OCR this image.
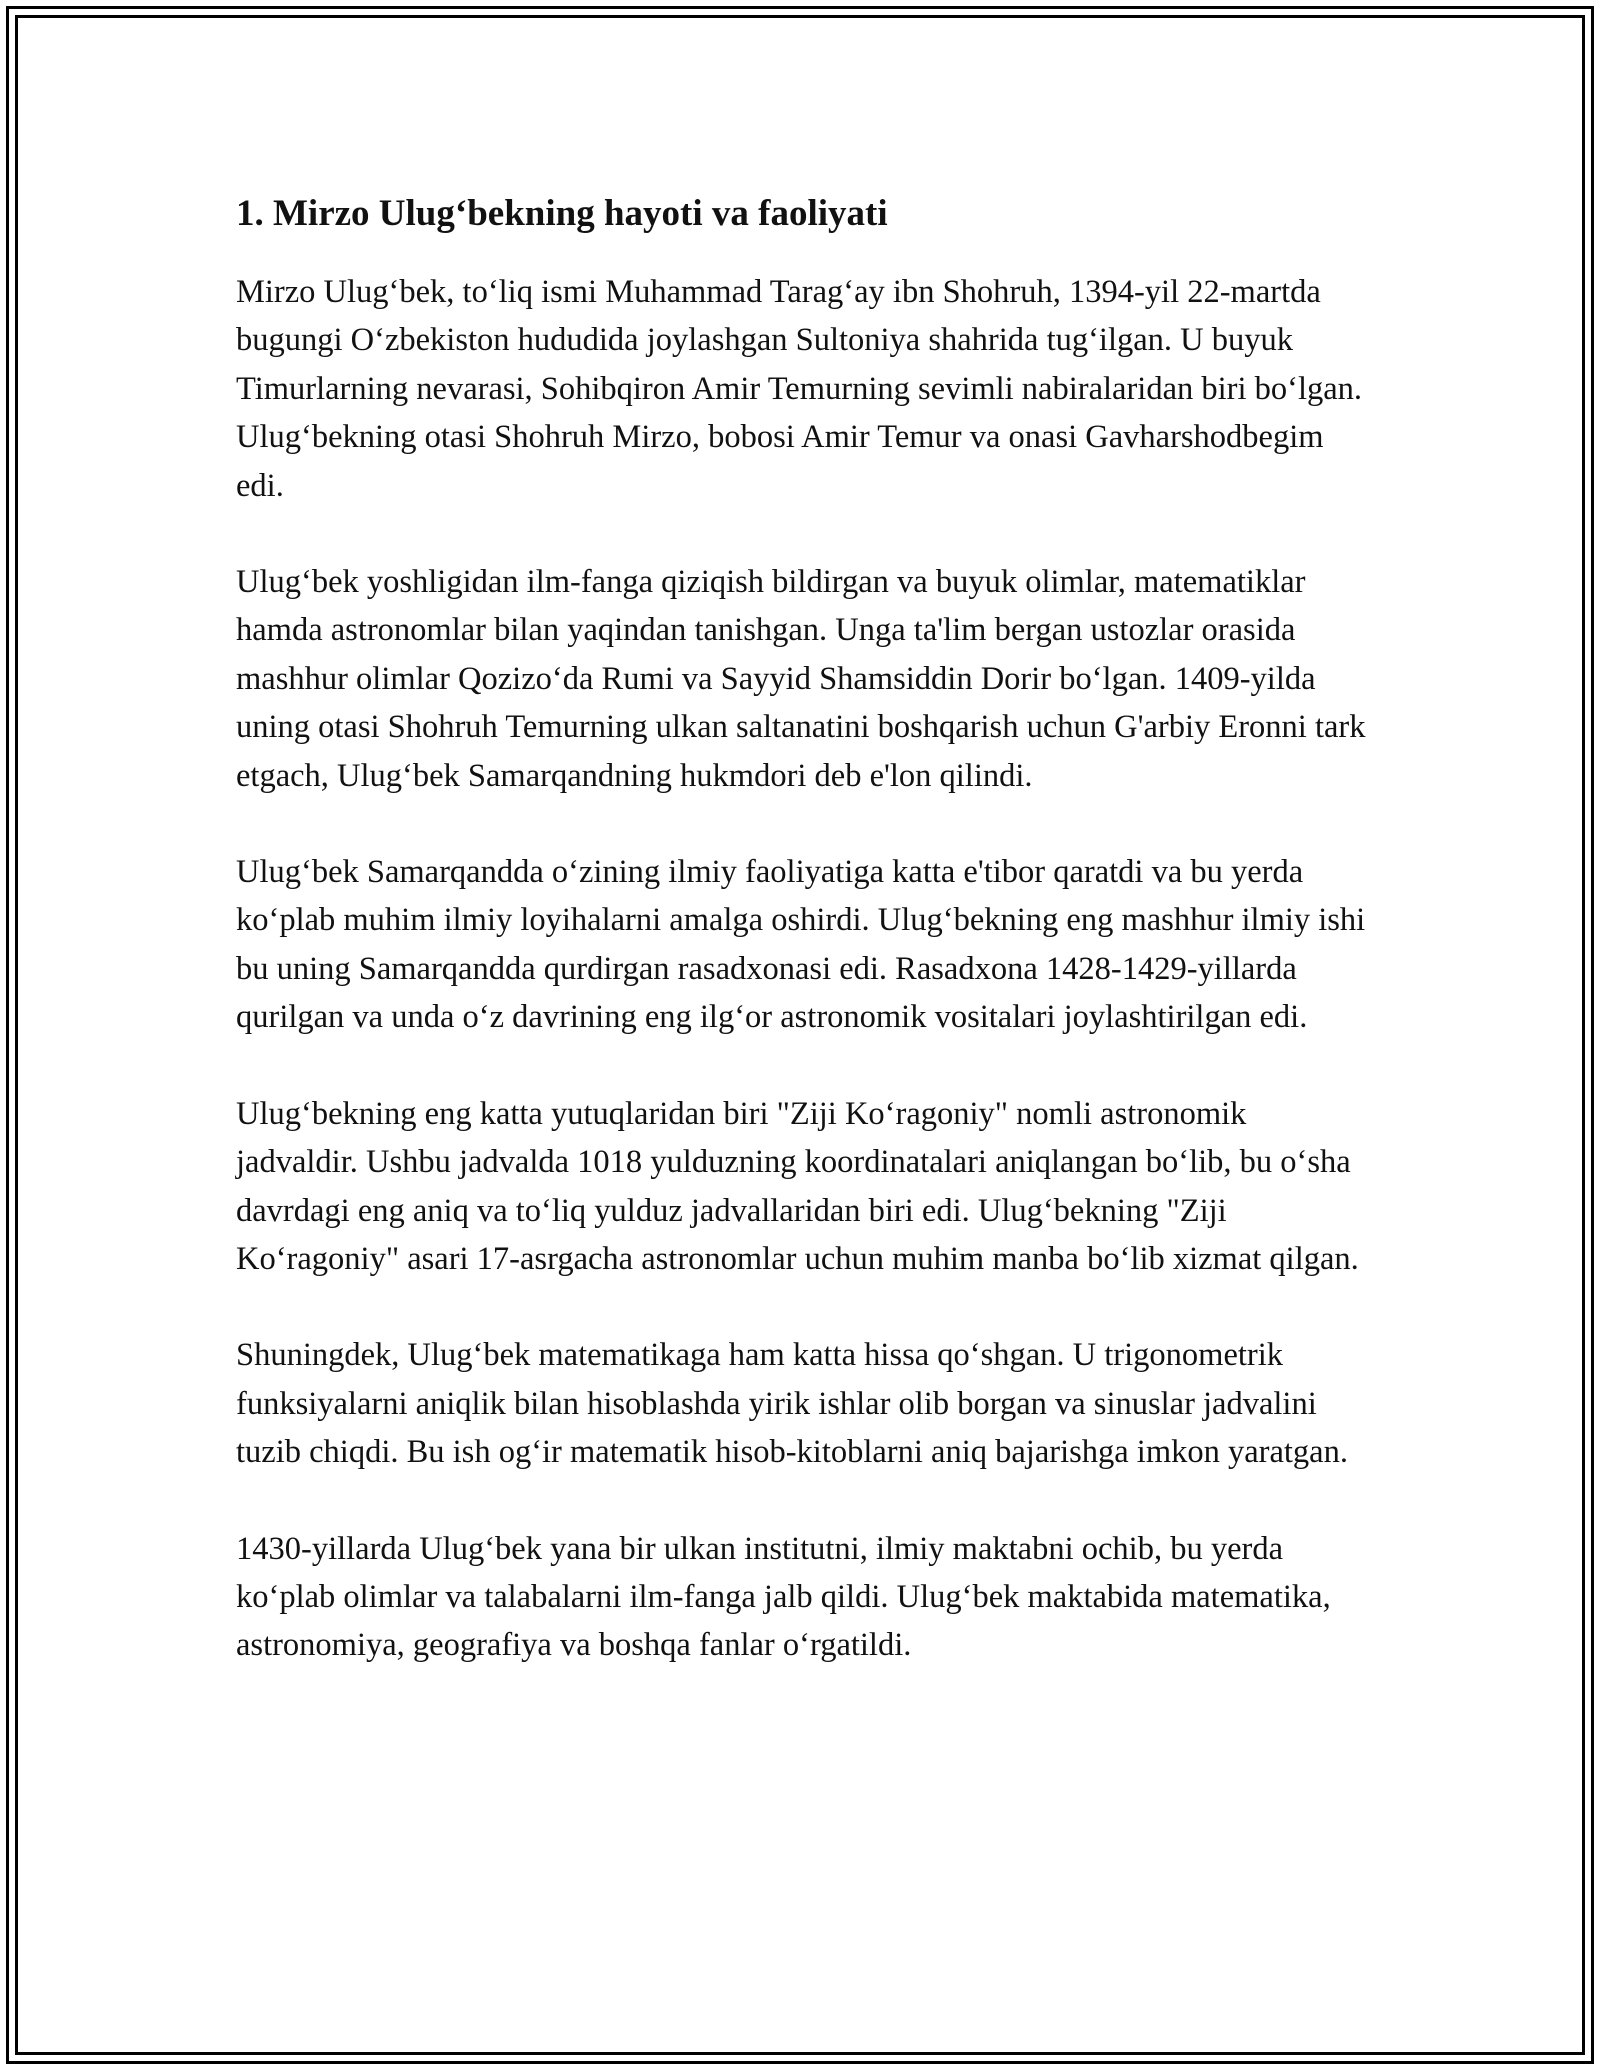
1. Mirzo Ulug‘bekning hayoti va faoliyati

Mirzo Ulug‘bek, to‘liq ismi Muhammad Tarag‘ay ibn Shohruh, 1394-yil 22-martda bugungi O‘zbekiston hududida joylashgan Sultoniya shahrida tug‘ilgan. U buyuk Timurlarning nevarasi, Sohibqiron Amir Temurning sevimli nabiralaridan biri bo‘lgan. Ulug‘bekning otasi Shohruh Mirzo, bobosi Amir Temur va onasi Gavharshodbegim edi.

Ulug‘bek yoshligidan ilm-fanga qiziqish bildirgan va buyuk olimlar, matematiklar hamda astronomlar bilan yaqindan tanishgan. Unga ta'lim bergan ustozlar orasida mashhur olimlar Qozizo‘da Rumi va Sayyid Shamsiddin Dorir bo‘lgan. 1409-yilda uning otasi Shohruh Temurning ulkan saltanatini boshqarish uchun G'arbiy Eronni tark etgach, Ulug‘bek Samarqandning hukmdori deb e'lon qilindi.

Ulug‘bek Samarqandda o‘zining ilmiy faoliyatiga katta e'tibor qaratdi va bu yerda ko‘plab muhim ilmiy loyihalarni amalga oshirdi. Ulug‘bekning eng mashhur ilmiy ishi bu uning Samarqandda qurdirgan rasadxonasi edi. Rasadxona 1428-1429-yillarda qurilgan va unda o‘z davrining eng ilg‘or astronomik vositalari joylashtirilgan edi.

Ulug‘bekning eng katta yutuqlaridan biri "Ziji Ko‘ragoniy" nomli astronomik jadvaldir. Ushbu jadvalda 1018 yulduzning koordinatalari aniqlangan bo‘lib, bu o‘sha davrdagi eng aniq va to‘liq yulduz jadvallaridan biri edi. Ulug‘bekning "Ziji Ko‘ragoniy" asari 17-asrgacha astronomlar uchun muhim manba bo‘lib xizmat qilgan.

Shuningdek, Ulug‘bek matematikaga ham katta hissa qo‘shgan. U trigonometrik funksiyalarni aniqlik bilan hisoblashda yirik ishlar olib borgan va sinuslar jadvalini tuzib chiqdi. Bu ish og‘ir matematik hisob-kitoblarni aniq bajarishga imkon yaratgan.

1430-yillarda Ulug‘bek yana bir ulkan institutni, ilmiy maktabni ochib, bu yerda ko‘plab olimlar va talabalarni ilm-fanga jalb qildi. Ulug‘bek maktabida matematika, astronomiya, geografiya va boshqa fanlar o‘rgatildi.
